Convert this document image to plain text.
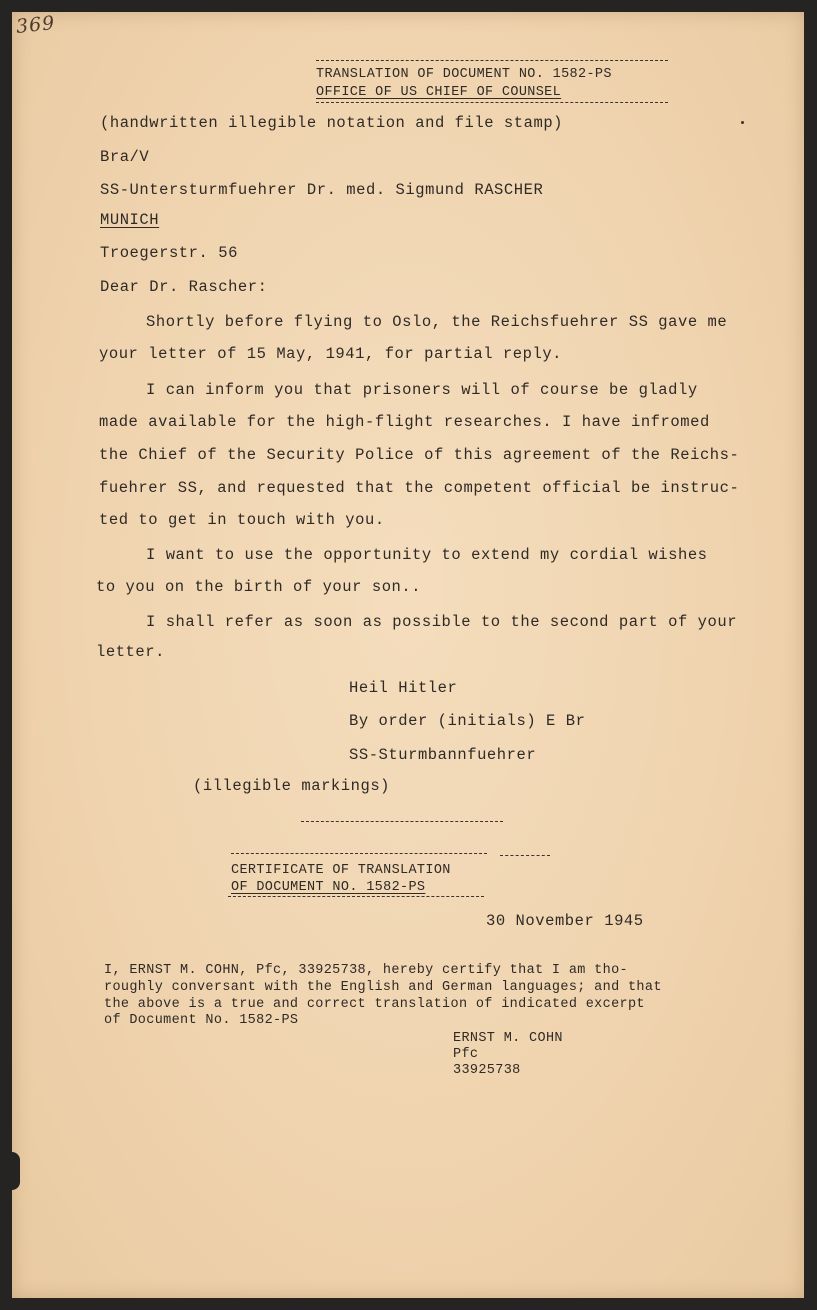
369
TRANSLATION OF DOCUMENT NO. 1582-PS
OFFICE OF US CHIEF OF COUNSEL
(handwritten illegible notation and file stamp)
Bra/V
SS-Untersturmfuehrer Dr. med. Sigmund RASCHER
MUNICH
Troegerstr. 56
Dear Dr. Rascher:
Shortly before flying to Oslo, the Reichsfuehrer SS gave me
your letter of 15 May, 1941, for partial reply.
I can inform you that prisoners will of course be gladly
made available for the high-flight researches. I have infromed
the Chief of the Security Police of this agreement of the Reichs-
fuehrer SS, and requested that the competent official be instruc-
ted to get in touch with you.
I want to use the opportunity to extend my cordial wishes
to you on the birth of your son..
I shall refer as soon as possible to the second part of your
letter.
Heil Hitler
By order (initials) E Br
SS-Sturmbannfuehrer
(illegible markings)
CERTIFICATE OF TRANSLATION
OF DOCUMENT NO. 1582-PS
30 November 1945
I, ERNST M. COHN, Pfc, 33925738, hereby certify that I am tho-
roughly conversant with the English and German languages; and that
the above is a true and correct translation of indicated excerpt
of Document No. 1582-PS
ERNST M. COHN
Pfc
33925738
